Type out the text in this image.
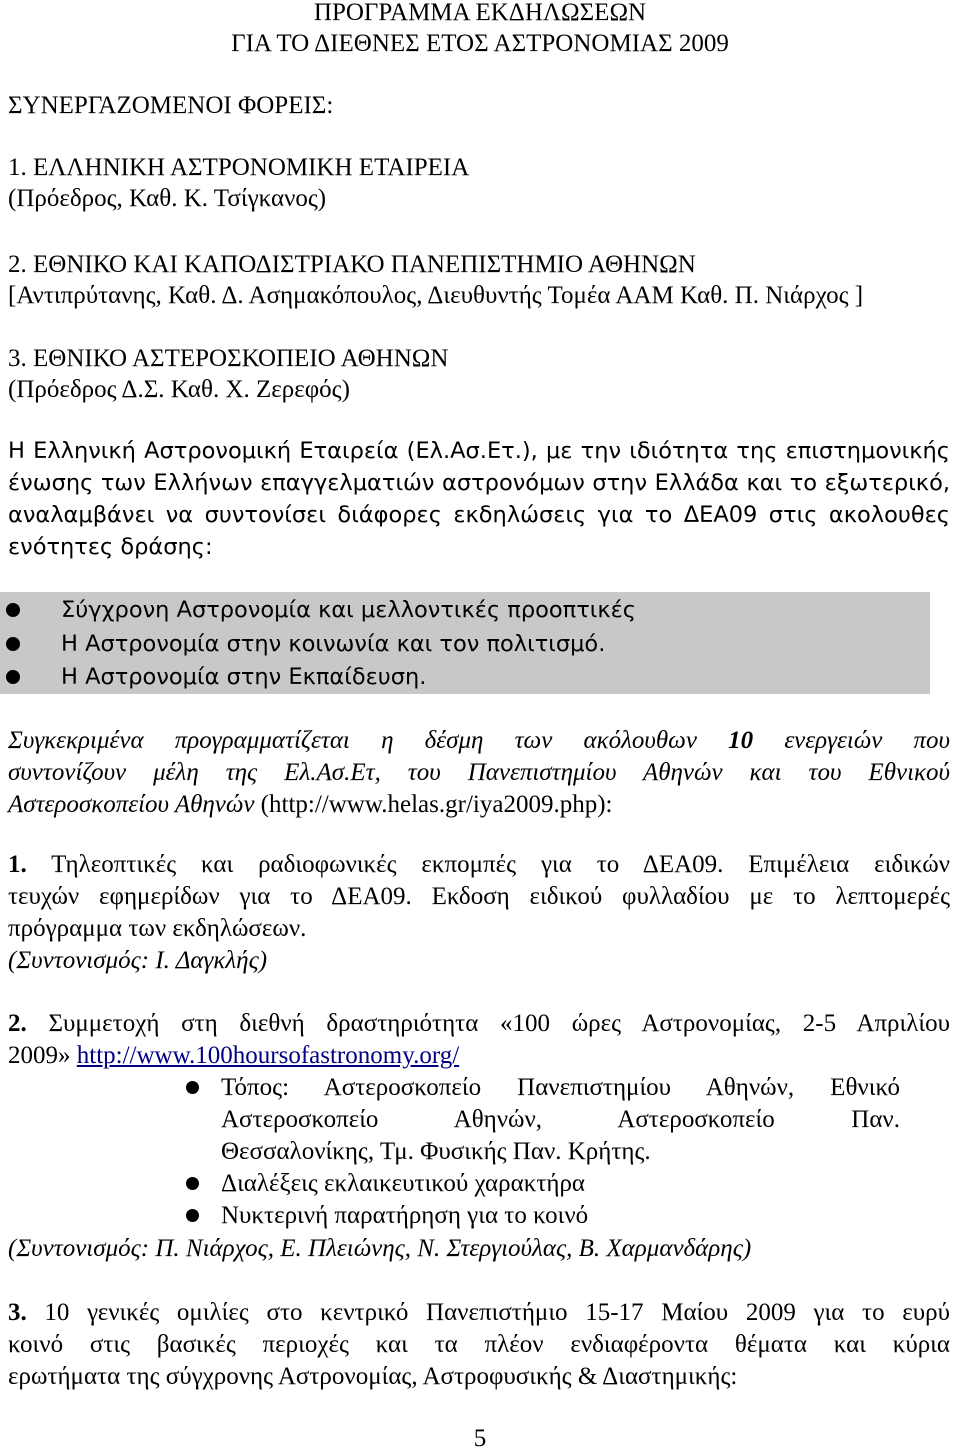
ΠΡΟΓΡΑΜΜΑ ΕΚΔΗΛΩΣΕΩΝ
ΓΙΑ ΤΟ ΔΙΕΘΝΕΣ ΕΤΟΣ ΑΣΤΡΟΝΟΜΙΑΣ 2009
ΣΥΝΕΡΓΑΖΟΜΕΝΟΙ ΦΟΡΕΙΣ:
1. ΕΛΛΗΝΙΚΗ ΑΣΤΡΟΝΟΜΙΚΗ ΕΤΑΙΡΕΙΑ
(Πρόεδρος, Καθ. Κ. Τσίγκανος)
2. ΕΘΝΙΚΟ ΚΑΙ ΚΑΠΟΔΙΣΤΡΙΑΚΟ ΠΑΝΕΠΙΣΤΗΜΙΟ ΑΘΗΝΩΝ
[Αντιπρύτανης, Καθ. Δ. Ασημακόπουλος, Διευθυντής Τομέα ΑΑΜ Καθ. Π. Νιάρχος ]
3. ΕΘΝΙΚΟ ΑΣΤΕΡΟΣΚΟΠΕΙΟ ΑΘΗΝΩΝ
(Πρόεδρος Δ.Σ. Καθ. Χ. Ζερεφός)
Η Ελληνική Αστρονομική Εταιρεία (Ελ.Ασ.Ετ.), με την ιδιότητα της επιστημονικής
ένωσης των Ελλήνων επαγγελματιών αστρονόμων στην Ελλάδα και το εξωτερικό,
αναλαμβάνει να συντονίσει διάφορες εκδηλώσεις για το ΔΕΑ09 στις ακολουθες
ενότητες δράσης:
Σύγχρονη Αστρονομία και μελλοντικές προοπτικές
Η Αστρονομία στην κοινωνία και τον πολιτισμό.
Η Αστρονομία στην Εκπαίδευση.
Συγκεκριμένα προγραμματίζεται η δέσμη των ακόλουθων 10 ενεργειών που
συντονίζουν μέλη της Ελ.Ασ.Ετ, του Πανεπιστημίου Αθηνών και του Εθνικού
Αστεροσκοπείου Αθηνών (http://www.helas.gr/iya2009.php):
1. Τηλεοπτικές και ραδιοφωνικές εκπομπές για το ΔΕΑ09. Επιμέλεια ειδικών
τευχών εφημερίδων για το ΔΕΑ09. Εκδοση ειδικού φυλλαδίου με το λεπτομερές
πρόγραμμα των εκδηλώσεων.
(Συντονισμός: Ι. Δαγκλής)
2. Συμμετοχή στη διεθνή δραστηριότητα «100 ώρες Αστρονομίας, 2-5 Απριλίου
2009» http://www.100hoursofastronomy.org/
Τόπος: Αστεροσκοπείο Πανεπιστημίου Αθηνών, Εθνικό
Αστεροσκοπείο Αθηνών, Αστεροσκοπείο Παν.
Θεσσαλονίκης, Τμ. Φυσικής Παν. Κρήτης.
Διαλέξεις εκλαικευτικού χαρακτήρα
Νυκτερινή παρατήρηση για το κοινό
(Συντονισμός: Π. Νιάρχος, Ε. Πλειώνης, Ν. Στεργιούλας, Β. Χαρμανδάρης)
3. 10 γενικές ομιλίες στο κεντρικό Πανεπιστήμιο 15-17 Μαίου 2009 για το ευρύ
κοινό στις βασικές περιοχές και τα πλέον ενδιαφέροντα θέματα και κύρια
ερωτήματα της σύγχρονης Αστρονομίας, Αστροφυσικής & Διαστημικής:
5
